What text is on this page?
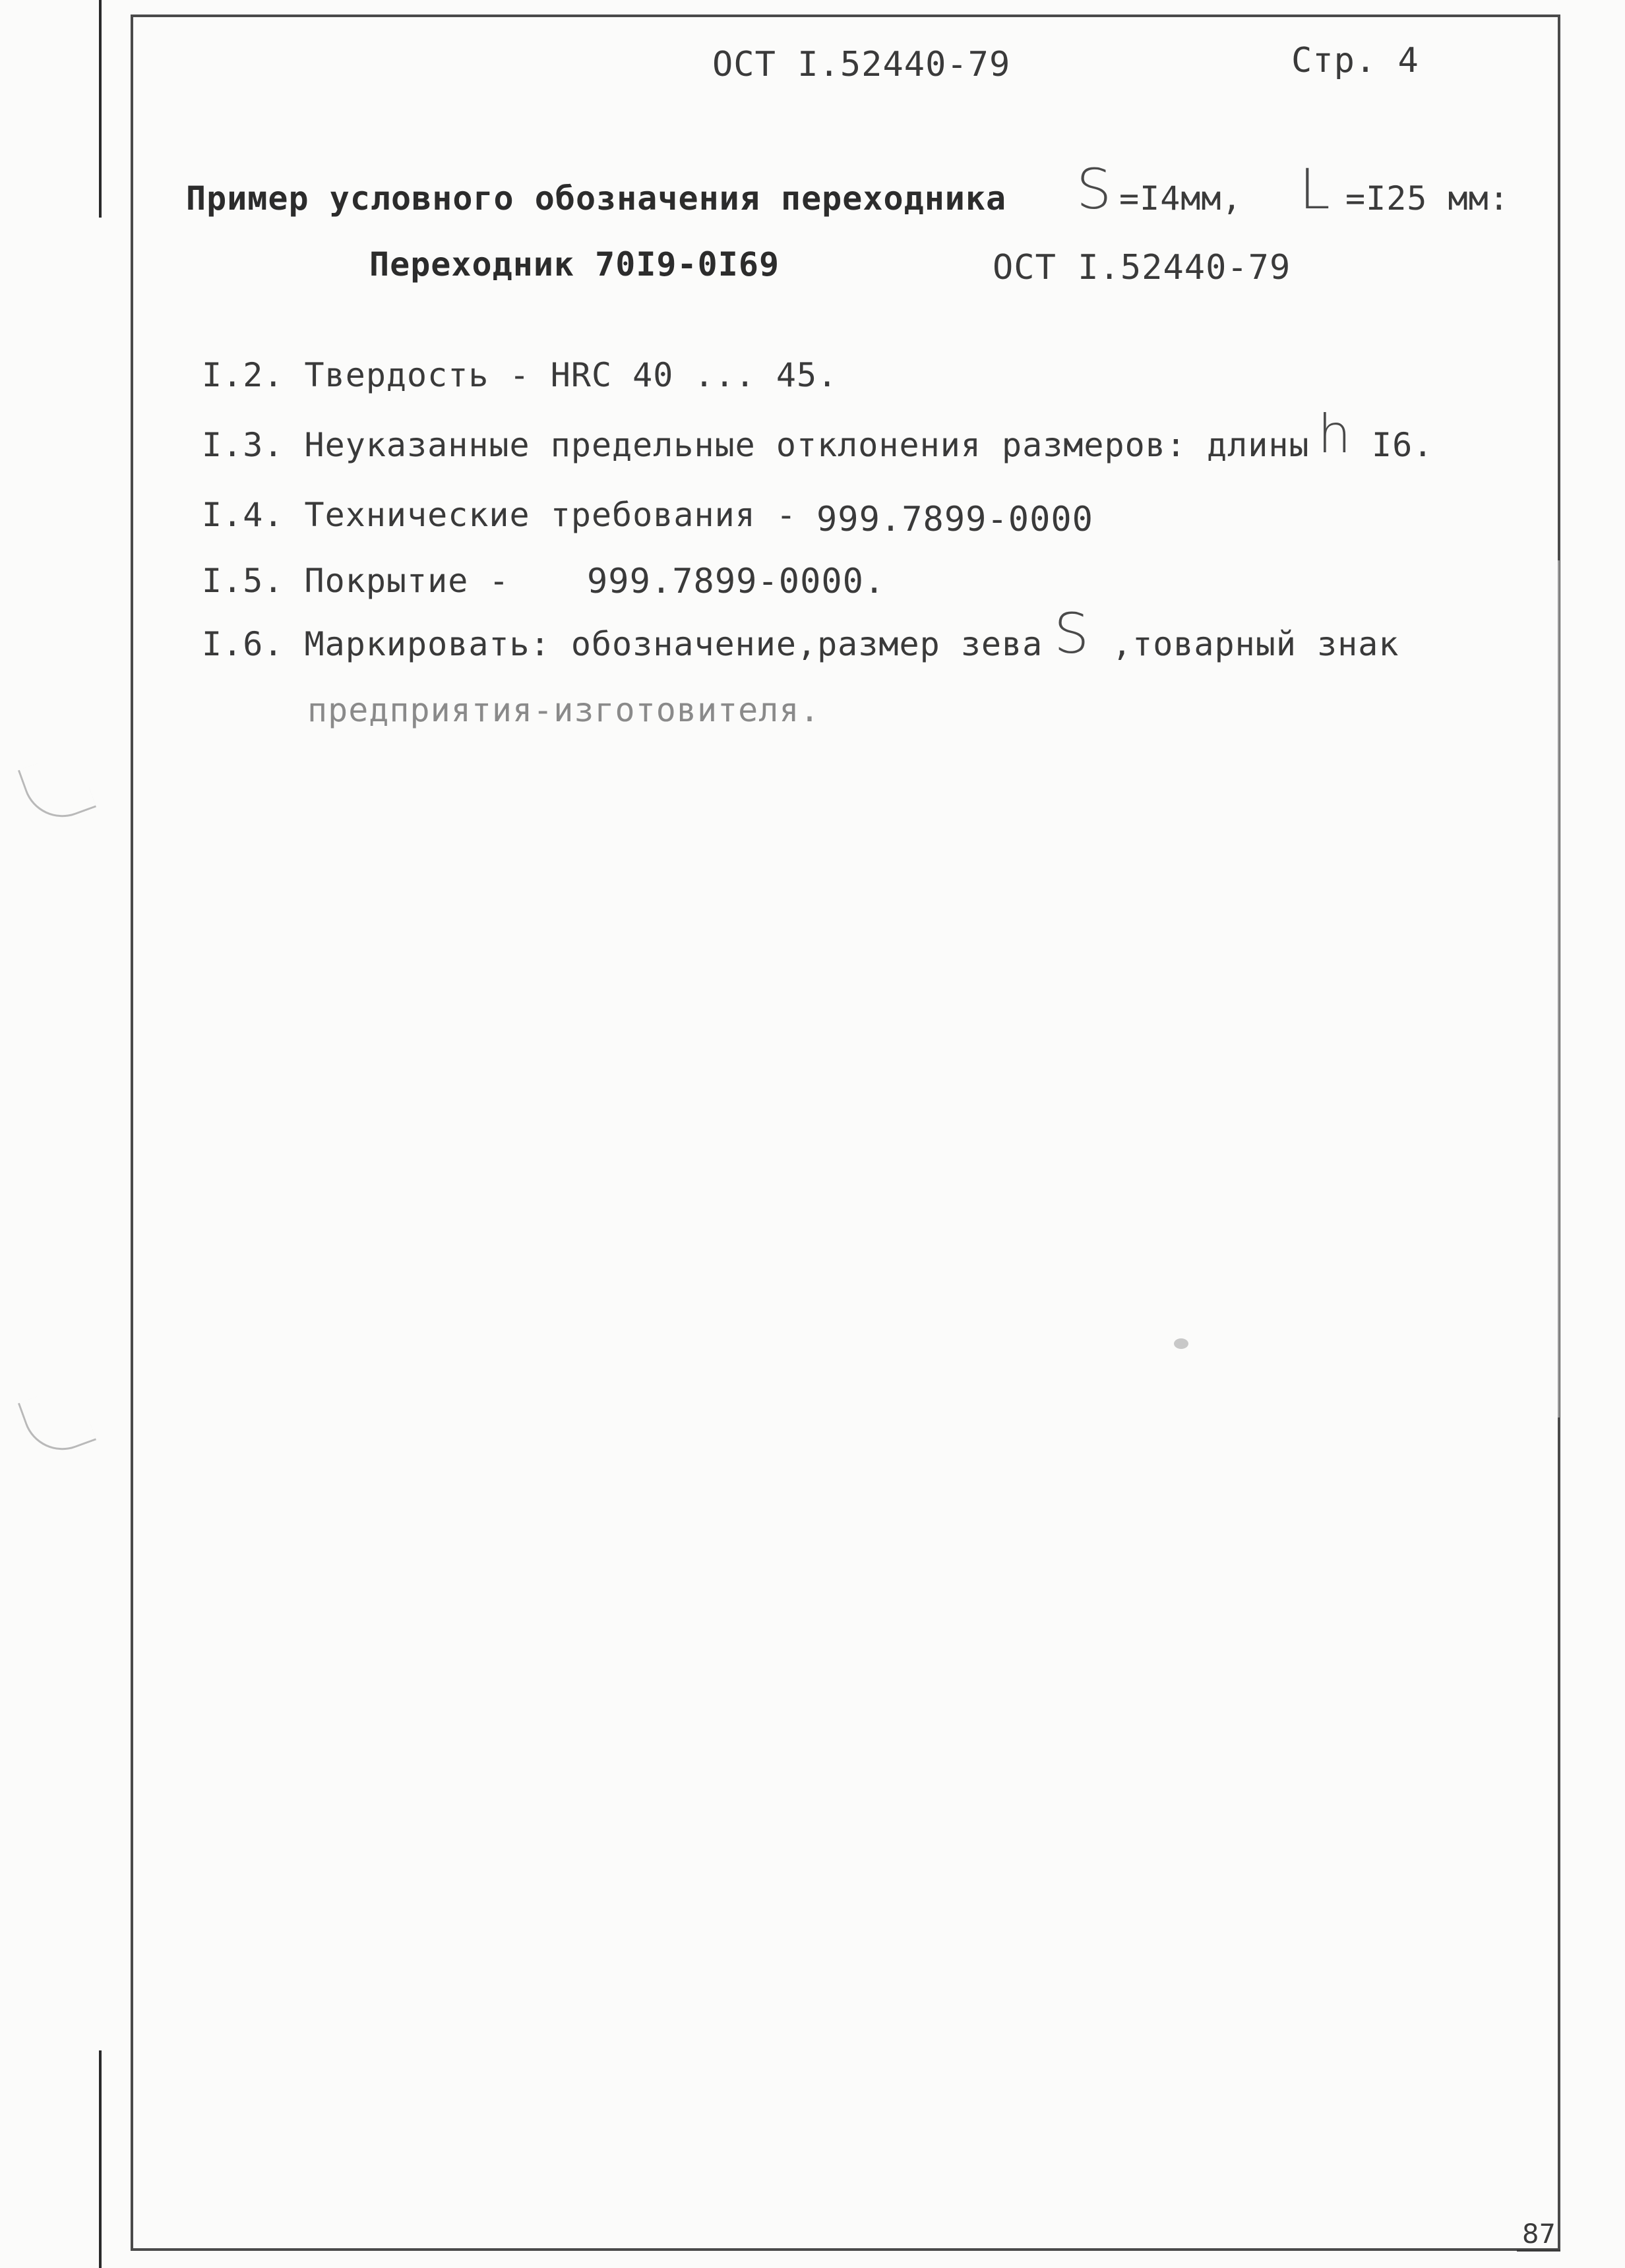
ОСТ I.52440-79	Стр. 4
Пример условного обозначения переходника S =I4мм, L =I25 мм:
Переходник 70I9-0I69	ОСТ I.52440-79
I.2. Твердость - HRC 40 ... 45.
I.3. Неуказанные предельные отклонения размеров: длины h I6.
I.4. Технические требования - 999.7899-0000
I.5. Покрытие - 999.7899-0000.
I.6. Маркировать: обозначение,размер зева S ,товарный знак
предприятия-изготовителя.
87
